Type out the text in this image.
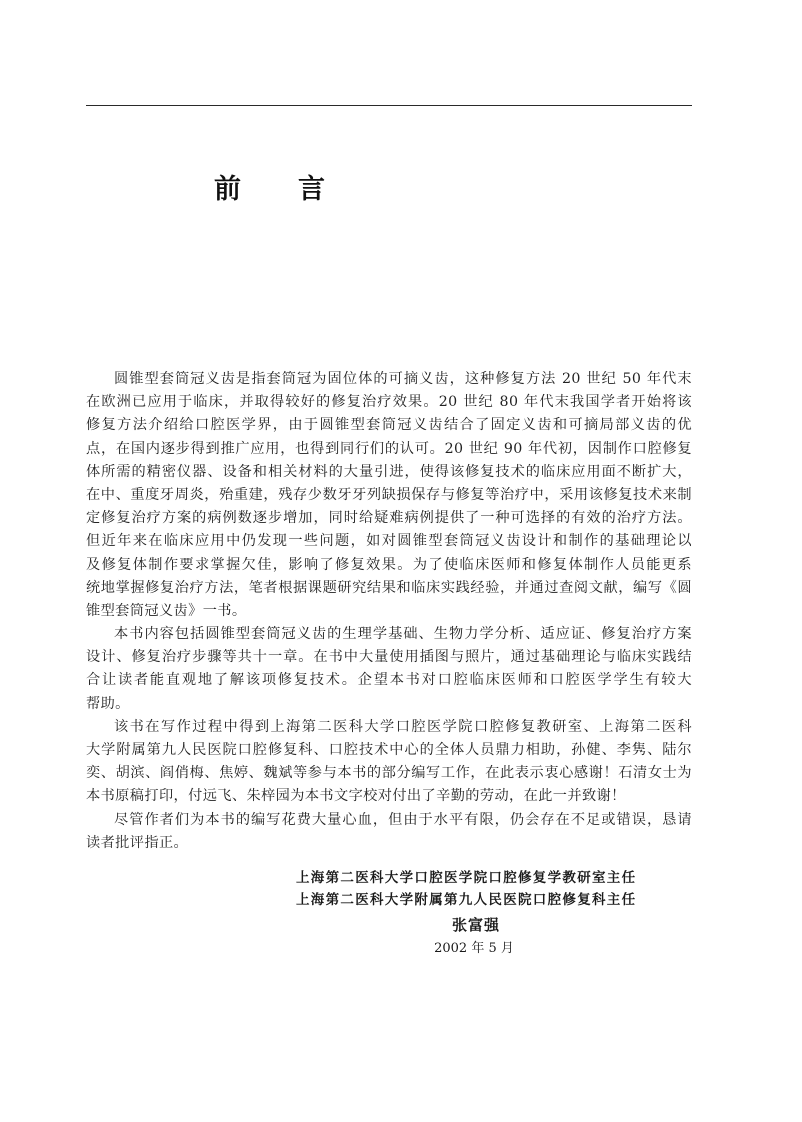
前 言
圆锥型套筒冠义齿是指套筒冠为固位体的可摘义齿，这种修复方法 20 世纪 50 年代末
在欧洲已应用于临床，并取得较好的修复治疗效果。20 世纪 80 年代末我国学者开始将该
修复方法介绍给口腔医学界，由于圆锥型套筒冠义齿结合了固定义齿和可摘局部义齿的优
点，在国内逐步得到推广应用，也得到同行们的认可。20 世纪 90 年代初，因制作口腔修复
体所需的精密仪器、设备和相关材料的大量引进，使得该修复技术的临床应用面不断扩大，
在中、重度牙周炎，殆重建，残存少数牙牙列缺损保存与修复等治疗中，采用该修复技术来制
定修复治疗方案的病例数逐步增加，同时给疑难病例提供了一种可选择的有效的治疗方法。
但近年来在临床应用中仍发现一些问题，如对圆锥型套筒冠义齿设计和制作的基础理论以
及修复体制作要求掌握欠佳，影响了修复效果。为了使临床医师和修复体制作人员能更系
统地掌握修复治疗方法，笔者根据课题研究结果和临床实践经验，并通过查阅文献，编写《圆
锥型套筒冠义齿》一书。
本书内容包括圆锥型套筒冠义齿的生理学基础、生物力学分析、适应证、修复治疗方案
设计、修复治疗步骤等共十一章。在书中大量使用插图与照片，通过基础理论与临床实践结
合让读者能直观地了解该项修复技术。企望本书对口腔临床医师和口腔医学学生有较大
帮助。
该书在写作过程中得到上海第二医科大学口腔医学院口腔修复教研室、上海第二医科
大学附属第九人民医院口腔修复科、口腔技术中心的全体人员鼎力相助，孙健、李隽、陆尔
奕、胡滨、阎俏梅、焦婷、魏斌等参与本书的部分编写工作，在此表示衷心感谢！石清女士为
本书原稿打印，付远飞、朱梓园为本书文字校对付出了辛勤的劳动，在此一并致谢！
尽管作者们为本书的编写花费大量心血，但由于水平有限，仍会存在不足或错误，恳请
读者批评指正。
上海第二医科大学口腔医学院口腔修复学教研室主任
上海第二医科大学附属第九人民医院口腔修复科主任
张富强
2002 年 5 月
